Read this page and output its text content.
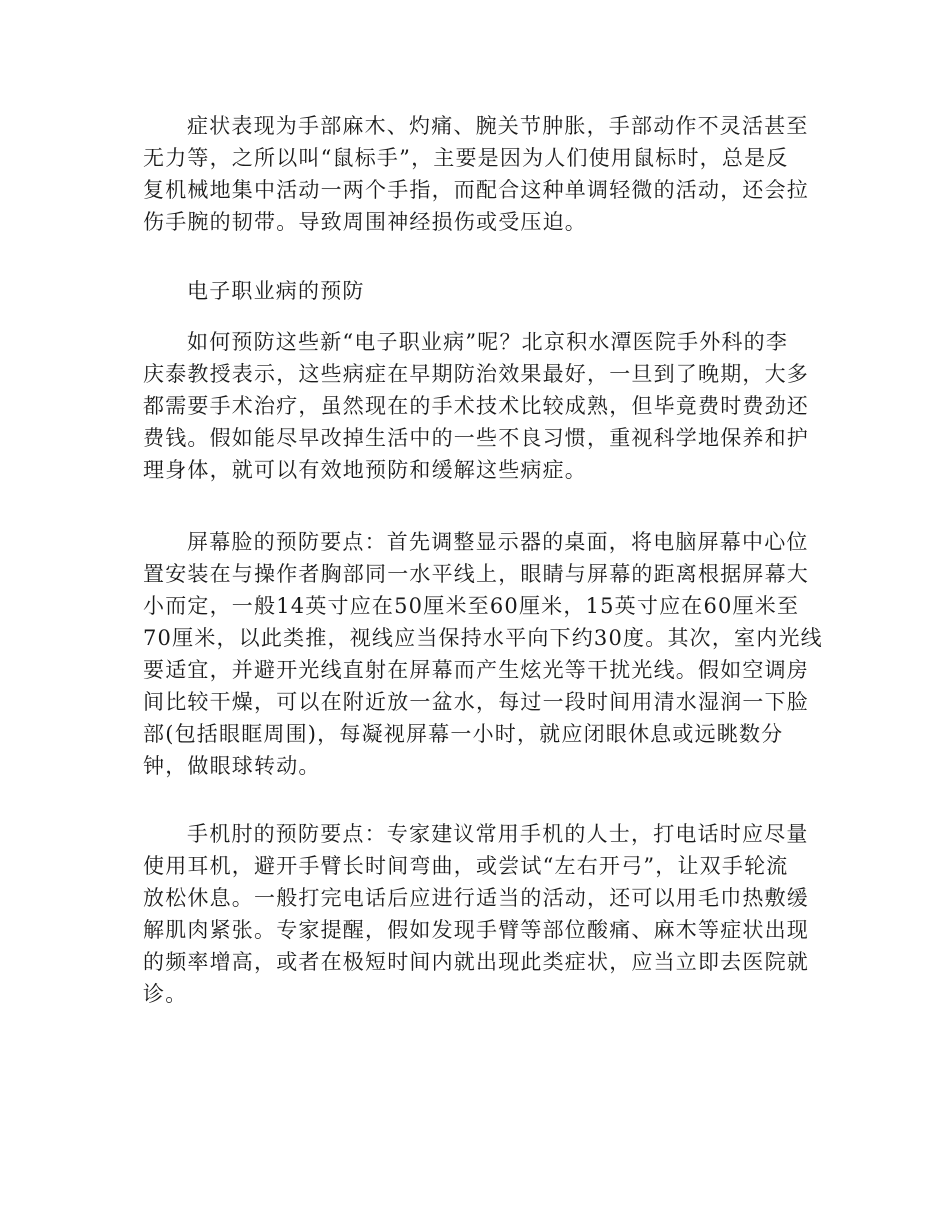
症状表现为手部麻木、灼痛、腕关节肿胀，手部动作不灵活甚至
无力等，之所以叫“鼠标手”，主要是因为人们使用鼠标时，总是反
复机械地集中活动一两个手指，而配合这种单调轻微的活动，还会拉
伤手腕的韧带。导致周围神经损伤或受压迫。
电子职业病的预防
如何预防这些新“电子职业病”呢？北京积水潭医院手外科的李
庆泰教授表示，这些病症在早期防治效果最好，一旦到了晚期，大多
都需要手术治疗，虽然现在的手术技术比较成熟，但毕竟费时费劲还
费钱。假如能尽早改掉生活中的一些不良习惯，重视科学地保养和护
理身体，就可以有效地预防和缓解这些病症。
屏幕脸的预防要点：首先调整显示器的桌面，将电脑屏幕中心位
置安装在与操作者胸部同一水平线上，眼睛与屏幕的距离根据屏幕大
小而定，一般14英寸应在50厘米至60厘米，15英寸应在60厘米至
70厘米，以此类推，视线应当保持水平向下约30度。其次，室内光线
要适宜，并避开光线直射在屏幕而产生炫光等干扰光线。假如空调房
间比较干燥，可以在附近放一盆水，每过一段时间用清水湿润一下脸
部(包括眼眶周围)，每凝视屏幕一小时，就应闭眼休息或远眺数分
钟，做眼球转动。
手机肘的预防要点：专家建议常用手机的人士，打电话时应尽量
使用耳机，避开手臂长时间弯曲，或尝试“左右开弓”，让双手轮流
放松休息。一般打完电话后应进行适当的活动，还可以用毛巾热敷缓
解肌肉紧张。专家提醒，假如发现手臂等部位酸痛、麻木等症状出现
的频率增高，或者在极短时间内就出现此类症状，应当立即去医院就
诊。
